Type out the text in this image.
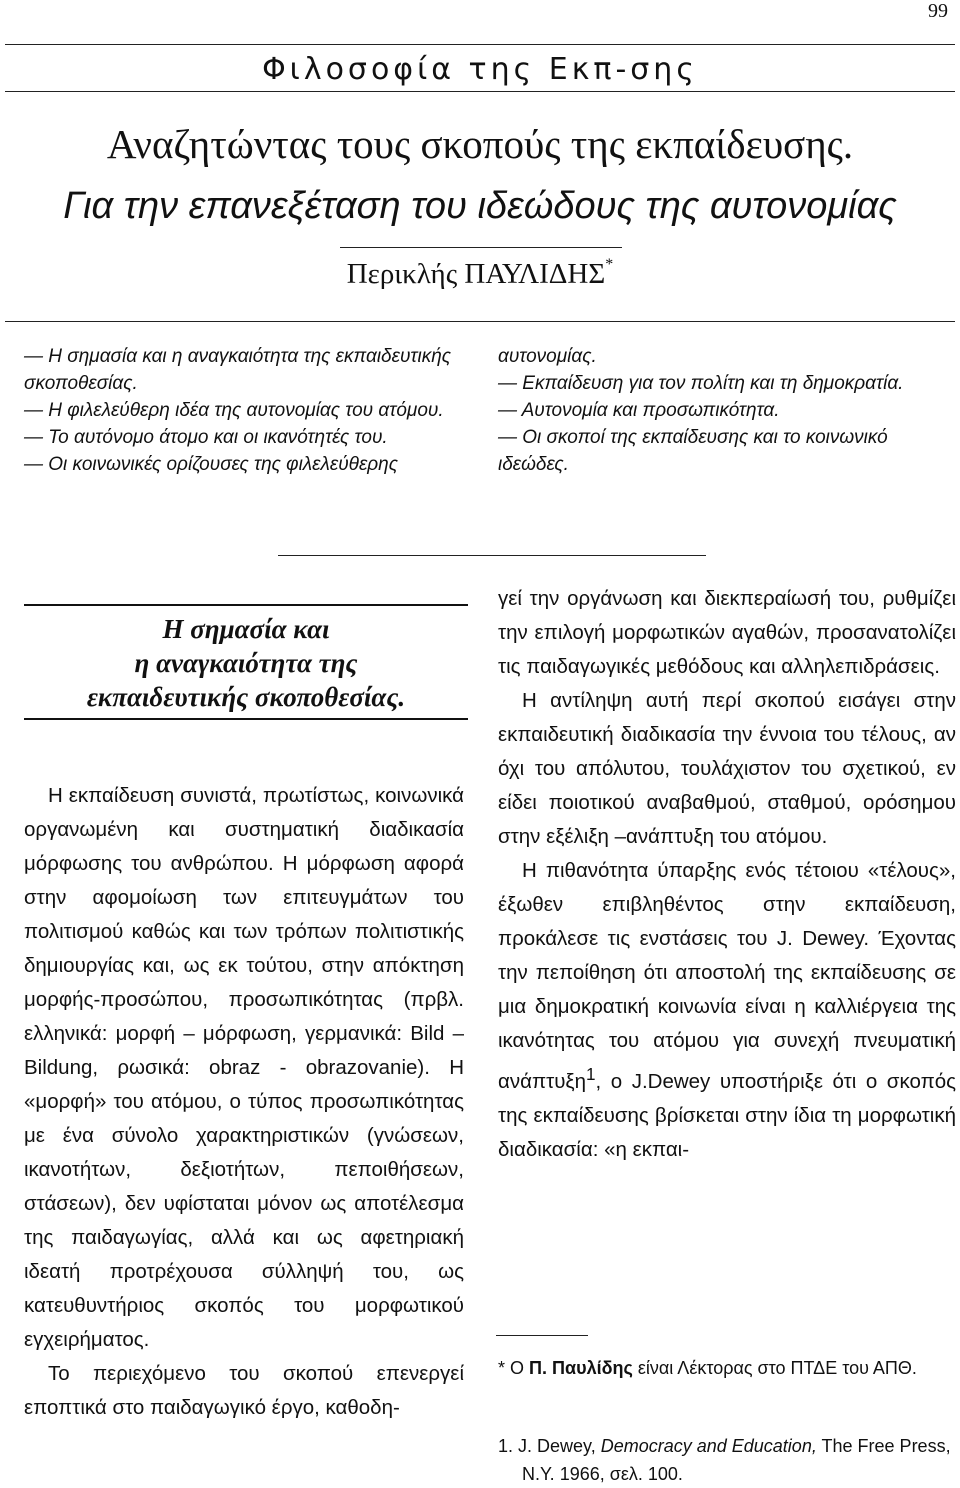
99
Φιλοσοφία της Εκπ-σης
Αναζητώντας τους σκοπούς της εκπαίδευσης.
Για την επανεξέταση του ιδεώδους της αυτονομίας
Περικλής ΠΑΥΛΙΔΗΣ*

— Η σημασία και η αναγκαιότητα της εκπαιδευτικής σκοποθεσίας.

— Η φιλελεύθερη ιδέα της αυτονομίας του ατόμου.

— Το αυτόνομο άτομο και οι ικανότητές του.

— Οι κοινωνικές ορίζουσες της φιλελεύθερης

αυτονομίας.

— Εκπαίδευση για τον πολίτη και τη δημοκρατία.

— Αυτονομία και προσωπικότητα.

— Οι σκοποί της εκπαίδευσης και το κοινωνικό ιδεώδες.

Η σημασία και
η αναγκαιότητα της
εκπαιδευτικής σκοποθεσίας.

Η εκπαίδευση συνιστά, πρωτίστως, κοινωνικά οργανωμένη και συστηματική διαδικασία μόρφωσης του ανθρώπου. Η μόρφωση αφορά στην αφομοίωση των επιτευγμάτων του πολιτισμού καθώς και των τρόπων πολιτιστικής δημιουργίας και, ως εκ τούτου, στην απόκτηση μορφής-προσώπου, προσωπικότητας (πρβλ. ελληνικά: μορφή – μόρφωση, γερμανικά: Bild –Bildung, ρωσικά: obraz - obrazovanie). Η «μορφή» του ατόμου, ο τύπος προσωπικότητας με ένα σύνολο χαρακτηριστικών (γνώσεων, ικανοτήτων, δεξιοτήτων, πεποιθήσεων, στάσεων), δεν υφίσταται μόνον ως αποτέλεσμα της παιδαγωγίας, αλλά και ως αφετηριακή ιδεατή προτρέχουσα σύλληψή του, ως κατευθυντήριος σκοπός του μορφωτικού εγχειρήματος.

Το περιεχόμενο του σκοπού επενεργεί εποπτικά στο παιδαγωγικό έργο, καθοδη-

γεί την οργάνωση και διεκπεραίωσή του, ρυθμίζει την επιλογή μορφωτικών αγαθών, προσανατολίζει τις παιδαγωγικές μεθόδους και αλληλεπιδράσεις.

Η αντίληψη αυτή περί σκοπού εισάγει στην εκπαιδευτική διαδικασία την έννοια του τέλους, αν όχι του απόλυτου, τουλάχιστον του σχετικού, εν είδει ποιοτικού αναβαθμού, σταθμού, ορόσημου στην εξέλιξη –ανάπτυξη του ατόμου.

Η πιθανότητα ύπαρξης ενός τέτοιου «τέλους», έξωθεν επιβληθέντος στην εκπαίδευση, προκάλεσε τις ενστάσεις του J. Dewey. Έχοντας την πεποίθηση ότι αποστολή της εκπαίδευσης σε μια δημοκρατική κοινωνία είναι η καλλιέργεια της ικανότητας του ατόμου για συνεχή πνευματική ανάπτυξη$^1$, ο J.Dewey υποστήριξε ότι ο σκοπός της εκπαίδευσης βρίσκεται στην ίδια τη μορφωτική διαδικασία: «η εκπαι-

* Ο Π. Παυλίδης είναι Λέκτορας στο ΠΤΔΕ του ΑΠΘ.

1. J. Dewey, Democracy and Education, The Free Press, N.Y. 1966, σελ. 100.
